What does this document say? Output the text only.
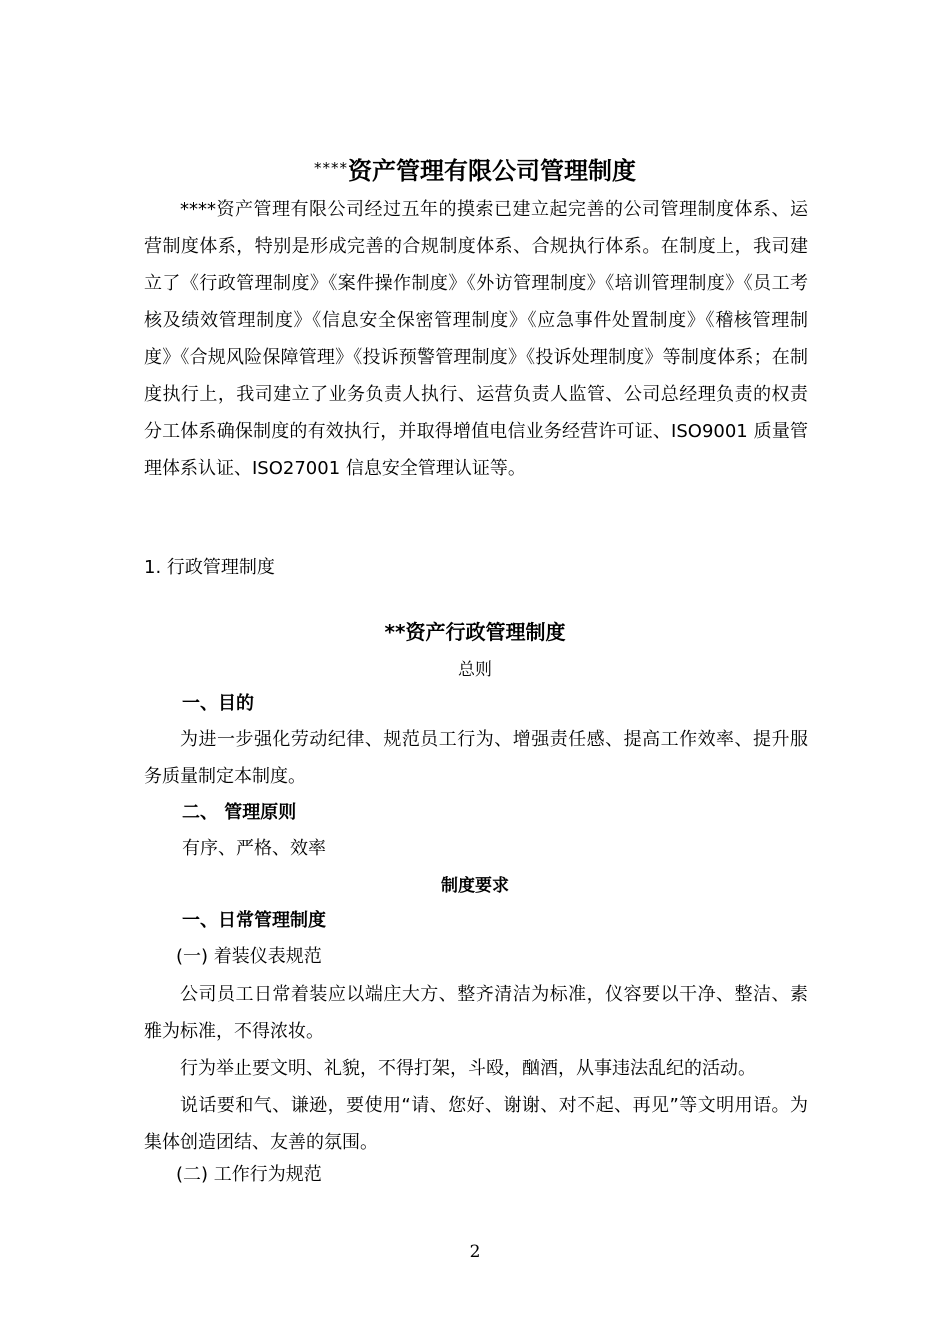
****资产管理有限公司管理制度

****资产管理有限公司经过五年的摸索已建立起完善的公司管理制度体系、运营制度体系，特别是形成完善的合规制度体系、合规执行体系。在制度上，我司建立了《行政管理制度》《案件操作制度》《外访管理制度》《培训管理制度》《员工考核及绩效管理制度》《信息安全保密管理制度》《应急事件处置制度》《稽核管理制度》《合规风险保障管理》《投诉预警管理制度》《投诉处理制度》等制度体系；在制度执行上，我司建立了业务负责人执行、运营负责人监管、公司总经理负责的权责分工体系确保制度的有效执行，并取得增值电信业务经营许可证、ISO9001 质量管理体系认证、ISO27001 信息安全管理认证等。

1. 行政管理制度

**资产行政管理制度

总则

一、目的

为进一步强化劳动纪律、规范员工行为、增强责任感、提高工作效率、提升服务质量制定本制度。

二、 管理原则

有序、严格、效率

制度要求

一、日常管理制度

(一) 着装仪表规范

公司员工日常着装应以端庄大方、整齐清洁为标准，仪容要以干净、整洁、素雅为标准，不得浓妆。

行为举止要文明、礼貌，不得打架，斗殴，酗酒，从事违法乱纪的活动。

说话要和气、谦逊，要使用“请、您好、谢谢、对不起、再见”等文明用语。为集体创造团结、友善的氛围。

(二) 工作行为规范

2
